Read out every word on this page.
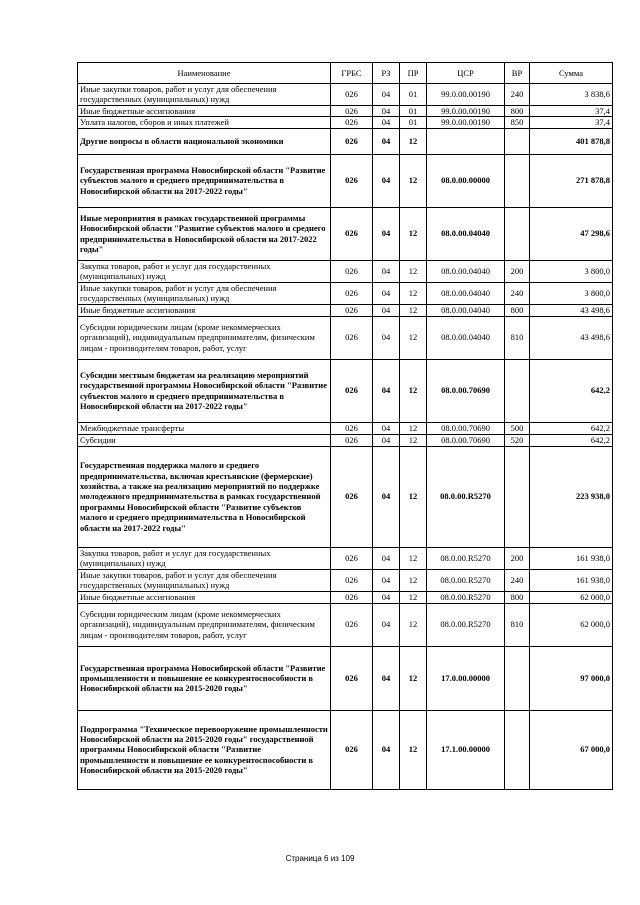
Наименование	ГРБС	РЗ	ПР	ЦСР	ВР	Сумма
Иные закупки товаров, работ и услуг для обеспечения государственных (муниципальных) нужд	026	04	01	99.0.00.00190	240	3 838,6
Иные бюджетные ассигнования	026	04	01	99.0.00.00190	800	37,4
Уплата налогов, сборов и иных платежей	026	04	01	99.0.00.00190	850	37,4
Другие вопросы в области национальной экономики	026	04	12			401 878,8
Государственная программа Новосибирской области "Развитие субъектов малого и среднего предпринимательства в Новосибирской области на 2017-2022 годы"	026	04	12	08.0.00.00000		271 878,8
Иные мероприятия в рамках государственной программы Новосибирской области "Развитие субъектов малого и среднего предпринимательства в Новосибирской области на 2017-2022 годы"	026	04	12	08.0.00.04040		47 298,6
Закупка товаров, работ и услуг для государственных (муниципальных) нужд	026	04	12	08.0.00.04040	200	3 800,0
Иные закупки товаров, работ и услуг для обеспечения государственных (муниципальных) нужд	026	04	12	08.0.00.04040	240	3 800,0
Иные бюджетные ассигнования	026	04	12	08.0.00.04040	800	43 498,6
Субсидии юридическим лицам (кроме некоммерческих организаций), индивидуальным предпринимателям, физическим лицам - производителям товаров, работ, услуг	026	04	12	08.0.00.04040	810	43 498,6
Субсидии местным бюджетам на реализацию мероприятий государственной программы Новосибирской области "Развитие субъектов малого и среднего предпринимательства в Новосибирской области на 2017-2022 годы"	026	04	12	08.0.00.70690		642,2
Межбюджетные трансферты	026	04	12	08.0.00.70690	500	642,2
Субсидии	026	04	12	08.0.00.70690	520	642,2
Государственная поддержка малого и среднего предпринимательства, включая крестьянские (фермерские) хозяйства, а также на реализацию мероприятий по поддержке молодежного предпринимательства в рамках государственной программы Новосибирской области "Развитие субъектов малого и среднего предпринимательства в Новосибирской области на 2017-2022 годы"	026	04	12	08.0.00.R5270		223 938,0
Закупка товаров, работ и услуг для государственных (муниципальных) нужд	026	04	12	08.0.00.R5270	200	161 938,0
Иные закупки товаров, работ и услуг для обеспечения государственных (муниципальных) нужд	026	04	12	08.0.00.R5270	240	161 938,0
Иные бюджетные ассигнования	026	04	12	08.0.00.R5270	800	62 000,0
Субсидии юридическим лицам (кроме некоммерческих организаций), индивидуальным предпринимателям, физическим лицам - производителям товаров, работ, услуг	026	04	12	08.0.00.R5270	810	62 000,0
Государственная программа Новосибирской области "Развитие промышленности и повышение ее конкурентоспособности в Новосибирской области на 2015-2020 годы"	026	04	12	17.0.00.00000		97 000,0
Подпрограмма "Техническое перевооружение промышленности Новосибирской области на 2015-2020 годы" государственной программы Новосибирской области "Развитие промышленности и повышение ее конкурентоспособности в Новосибирской области на 2015-2020 годы"	026	04	12	17.1.00.00000		67 000,0
Страница 6 из 109
